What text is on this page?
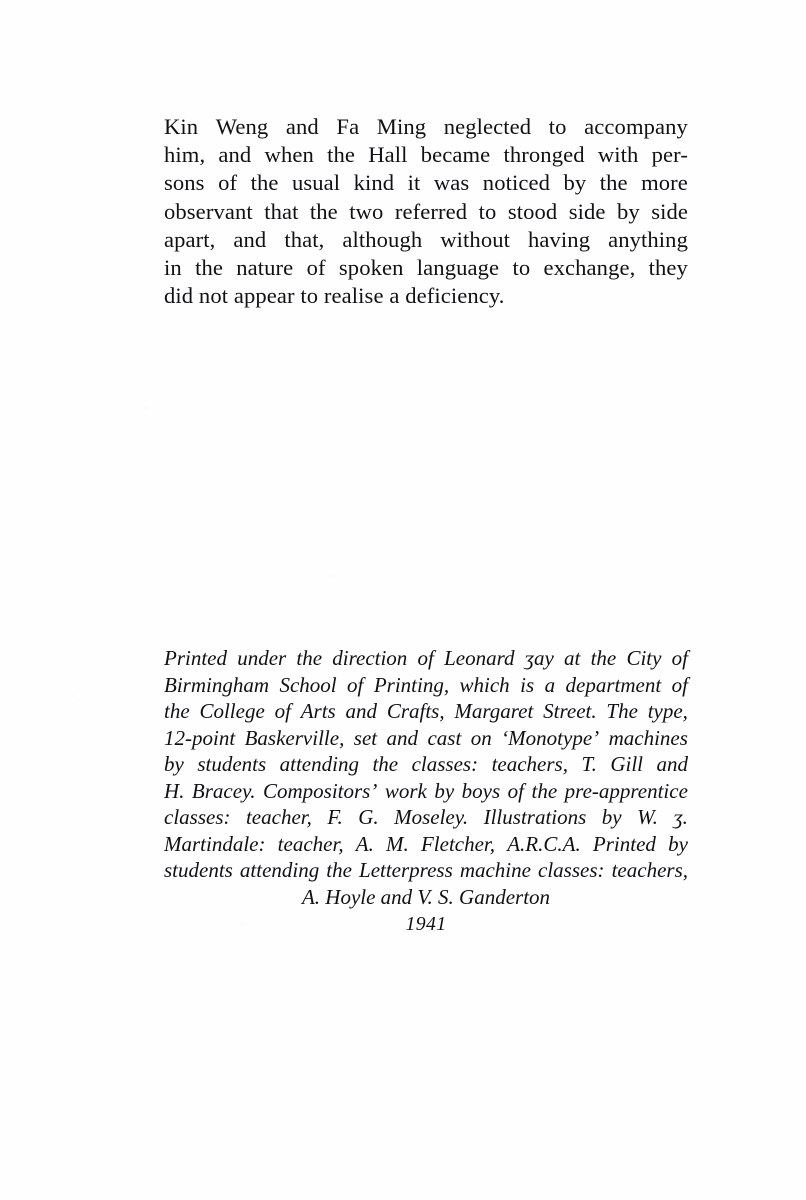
Kin Weng and Fa Ming neglected to accompany
him, and when the Hall became thronged with per-
sons of the usual kind it was noticed by the more
observant that the two referred to stood side by side
apart, and that, although without having anything
in the nature of spoken language to exchange, they
did not appear to realise a deficiency.
Printed under the direction of Leonard ʒay at the City of
Birmingham School of Printing, which is a department of
the College of Arts and Crafts, Margaret Street. The type,
12-point Baskerville, set and cast on ‘Monotype’ machines
by students attending the classes: teachers, T. Gill and
H. Bracey. Compositors’ work by boys of the pre-apprentice
classes: teacher, F. G. Moseley. Illustrations by W. ʒ.
Martindale: teacher, A. M. Fletcher, A.R.C.A. Printed by
students attending the Letterpress machine classes: teachers,
A. Hoyle and V. S. Ganderton
1941
